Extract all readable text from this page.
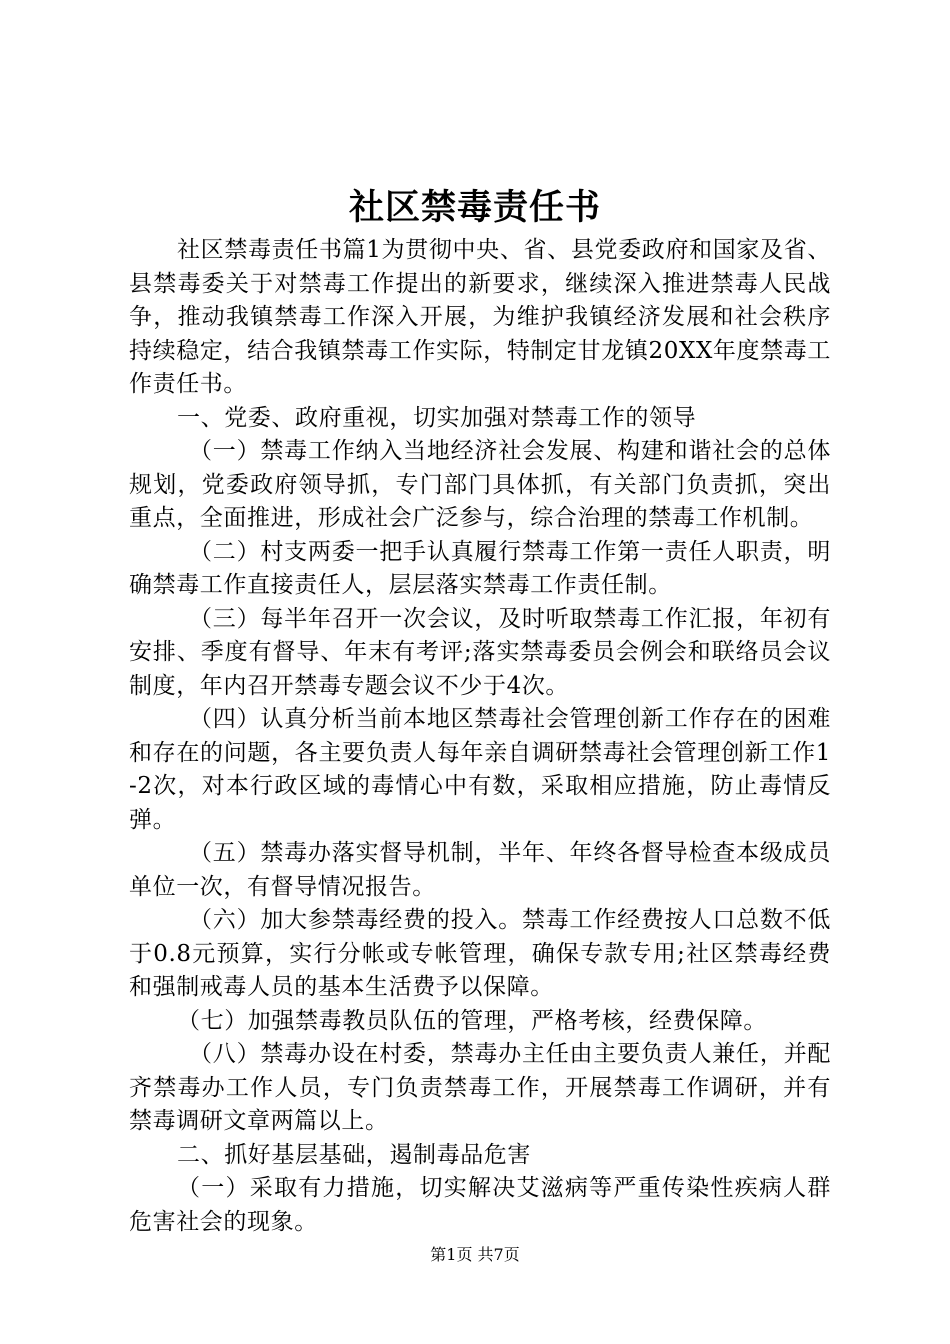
社区禁毒责任书

社区禁毒责任书篇1为贯彻中央、省、县党委政府和国家及省、县禁毒委关于对禁毒工作提出的新要求，继续深入推进禁毒人民战争，推动我镇禁毒工作深入开展，为维护我镇经济发展和社会秩序持续稳定，结合我镇禁毒工作实际，特制定甘龙镇20XX年度禁毒工作责任书。

一、党委、政府重视，切实加强对禁毒工作的领导

（一）禁毒工作纳入当地经济社会发展、构建和谐社会的总体规划，党委政府领导抓，专门部门具体抓，有关部门负责抓，突出重点，全面推进，形成社会广泛参与，综合治理的禁毒工作机制。

（二）村支两委一把手认真履行禁毒工作第一责任人职责，明确禁毒工作直接责任人，层层落实禁毒工作责任制。

（三）每半年召开一次会议，及时听取禁毒工作汇报，年初有安排、季度有督导、年末有考评;落实禁毒委员会例会和联络员会议制度，年内召开禁毒专题会议不少于4次。

（四）认真分析当前本地区禁毒社会管理创新工作存在的困难和存在的问题，各主要负责人每年亲自调研禁毒社会管理创新工作1-2次，对本行政区域的毒情心中有数，采取相应措施，防止毒情反弹。

（五）禁毒办落实督导机制，半年、年终各督导检查本级成员单位一次，有督导情况报告。

（六）加大参禁毒经费的投入。禁毒工作经费按人口总数不低于0.8元预算，实行分帐或专帐管理，确保专款专用;社区禁毒经费和强制戒毒人员的基本生活费予以保障。

（七）加强禁毒教员队伍的管理，严格考核，经费保障。

（八）禁毒办设在村委，禁毒办主任由主要负责人兼任，并配齐禁毒办工作人员，专门负责禁毒工作，开展禁毒工作调研，并有禁毒调研文章两篇以上。

二、抓好基层基础，遏制毒品危害

（一）采取有力措施，切实解决艾滋病等严重传染性疾病人群危害社会的现象。

第1页 共7页
